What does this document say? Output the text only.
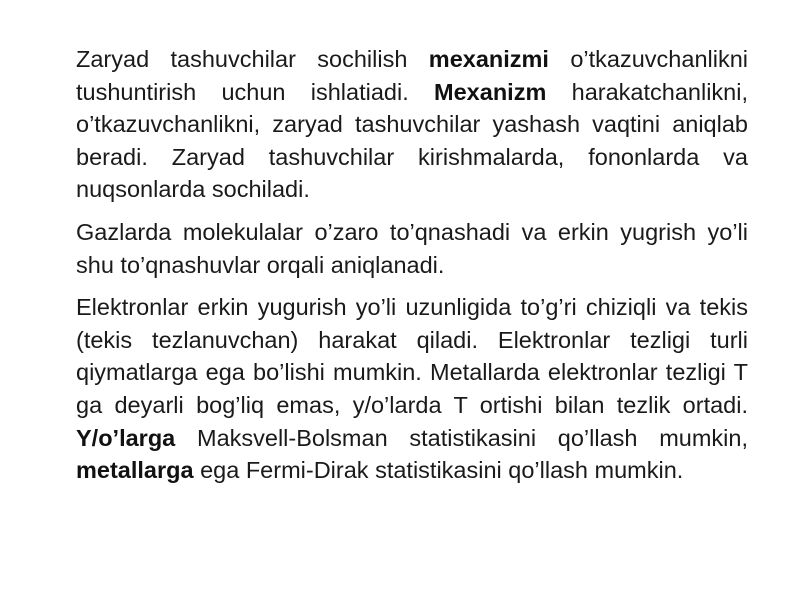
Zaryad tashuvchilar sochilish mexanizmi o’tkazuvchanlikni tushuntirish uchun ishlatiadi. Mexanizm harakatchanlikni, o’tkazuvchanlikni, zaryad tashuvchilar yashash vaqtini aniqlab beradi. Zaryad tashuvchilar kirishmalarda, fononlarda va nuqsonlarda sochiladi.

Gazlarda molekulalar o’zaro to’qnashadi va erkin yugrish yo’li shu to’qnashuvlar orqali aniqlanadi.

Elektronlar erkin yugurish yo’li uzunligida to’g’ri chiziqli va tekis (tekis tezlanuvchan) harakat qiladi. Elektronlar tezligi turli qiymatlarga ega bo’lishi mumkin. Metallarda elektronlar tezligi T ga deyarli bog’liq emas, y/o’larda T ortishi bilan tezlik ortadi. Y/o’larga Maksvell-Bolsman statistikasini qo’llash mumkin, metallarga ega Fermi-Dirak statistikasini qo’llash mumkin.
